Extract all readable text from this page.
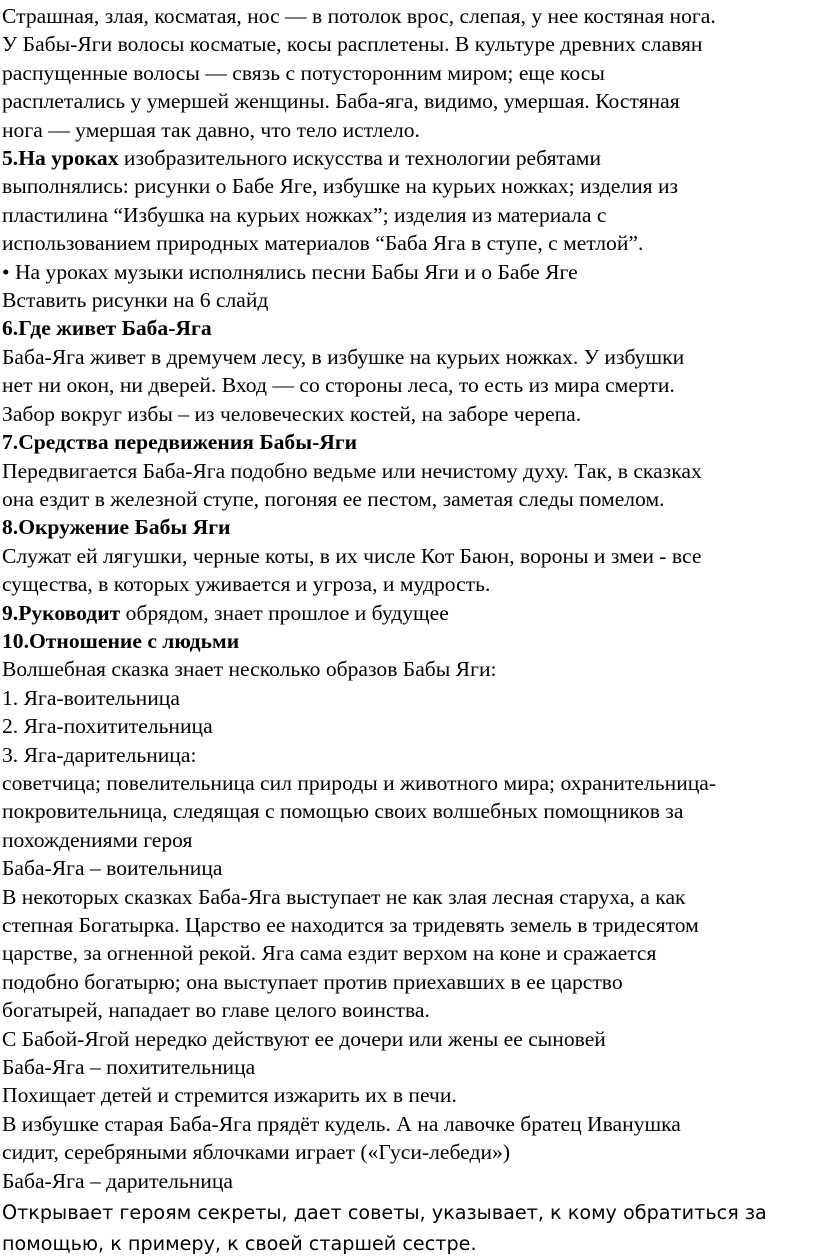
Страшная, злая, косматая, нос — в потолок врос, слепая, у нее костяная нога.

У Бабы-Яги волосы косматые, косы расплетены. В культуре древних славян

распущенные волосы — связь с потусторонним миром; еще косы

расплетались у умершей женщины. Баба-яга, видимо, умершая. Костяная

нога — умершая так давно, что тело истлело.

5.На уроках изобразительного искусства и технологии ребятами

выполнялись: рисунки о Бабе Яге, избушке на курьих ножках; изделия из

пластилина “Избушка на курьих ножках”; изделия из материала с

использованием природных материалов “Баба Яга в ступе, с метлой”.

• На уроках музыки исполнялись песни Бабы Яги и о Бабе Яге

Вставить рисунки на 6 слайд

6.Где живет Баба-Яга

Баба-Яга живет в дремучем лесу, в избушке на курьих ножках. У избушки

нет ни окон, ни дверей. Вход — со стороны леса, то есть из мира смерти.

Забор вокруг избы – из человеческих костей, на заборе черепа.

7.Средства передвижения Бабы-Яги

Передвигается Баба-Яга подобно ведьме или нечистому духу. Так, в сказках

она ездит в железной ступе, погоняя ее пестом, заметая следы помелом.

8.Окружение Бабы Яги

Служат ей лягушки, черные коты, в их числе Кот Баюн, вороны и змеи - все

существа, в которых уживается и угроза, и мудрость.

9.Руководит обрядом, знает прошлое и будущее

10.Отношение с людьми

Волшебная сказка знает несколько образов Бабы Яги:

1. Яга-воительница

2. Яга-похитительница

3. Яга-дарительница:

советчица; повелительница сил природы и животного мира; охранительница-

покровительница, следящая с помощью своих волшебных помощников за

похождениями героя

Баба-Яга – воительница

В некоторых сказках Баба-Яга выступает не как злая лесная старуха, а как

степная Богатырка. Царство ее находится за тридевять земель в тридесятом

царстве, за огненной рекой. Яга сама ездит верхом на коне и сражается

подобно богатырю; она выступает против приехавших в ее царство

богатырей, нападает во главе целого воинства.

С Бабой-Ягой нередко действуют ее дочери или жены ее сыновей

Баба-Яга – похитительница

Похищает детей и стремится изжарить их в печи.

В избушке старая Баба-Яга прядёт кудель. А на лавочке братец Иванушка

сидит, серебряными яблочками играет («Гуси-лебеди»)

Баба-Яга – дарительница

Открывает героям секреты, дает советы, указывает, к кому обратиться за

помощью, к примеру, к своей старшей сестре.
